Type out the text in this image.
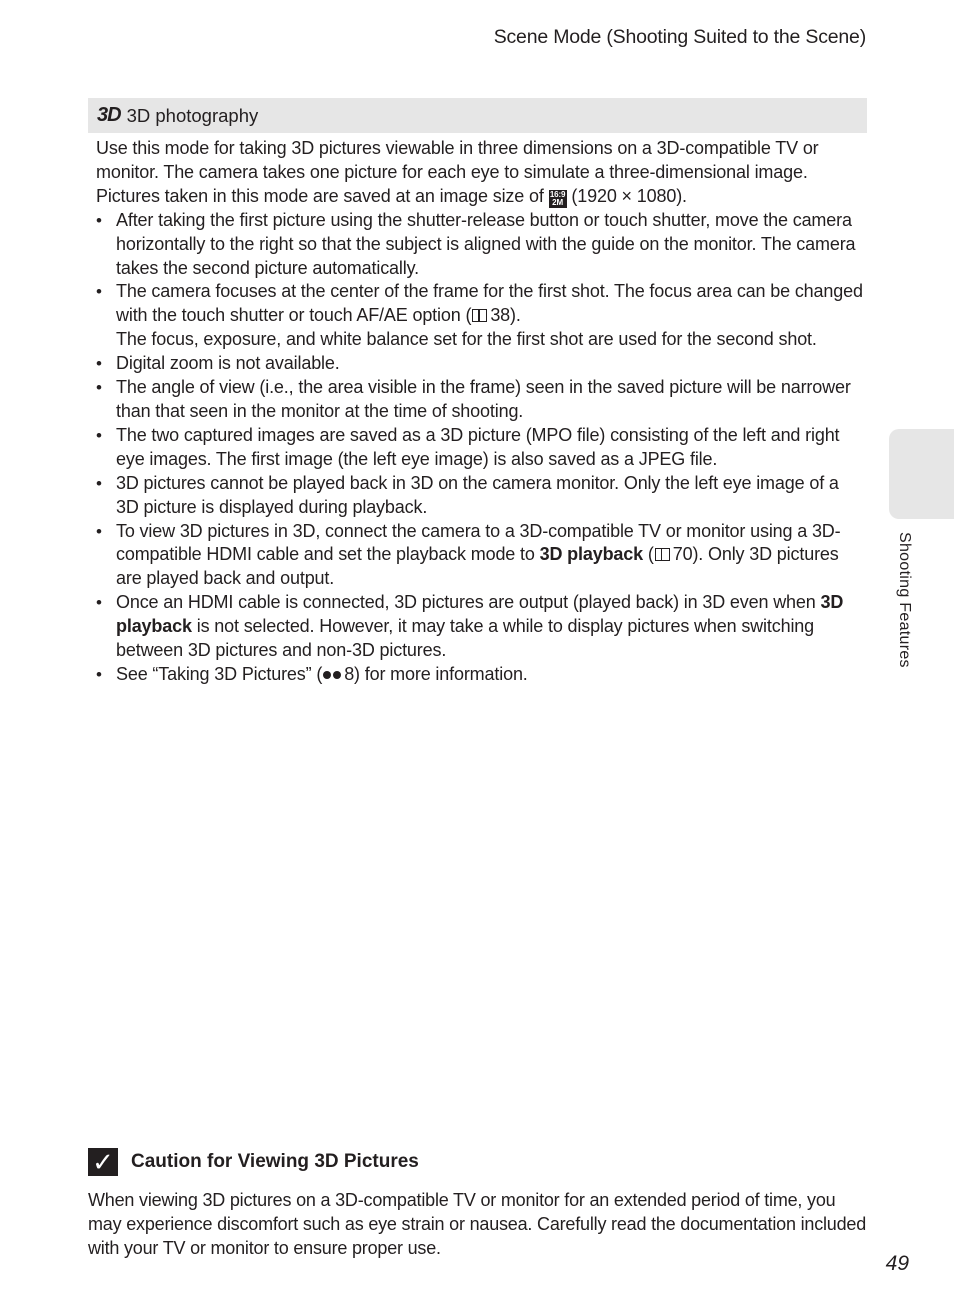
Scene Mode (Shooting Suited to the Scene)
3D 3D photography

Use this mode for taking 3D pictures viewable in three dimensions on a 3D-compatible TV or monitor. The camera takes one picture for each eye to simulate a three-dimensional image.

Pictures taken in this mode are saved at an image size of 16:9
2M (1920 × 1080).

• After taking the first picture using the shutter-release button or touch shutter, move the camera horizontally to the right so that the subject is aligned with the guide on the monitor. The camera takes the second picture automatically.
• The camera focuses at the center of the frame for the first shot. The focus area can be changed with the touch shutter or touch AF/AE option ( 38).
The focus, exposure, and white balance set for the first shot are used for the second shot.
• Digital zoom is not available.
• The angle of view (i.e., the area visible in the frame) seen in the saved picture will be narrower than that seen in the monitor at the time of shooting.
• The two captured images are saved as a 3D picture (MPO file) consisting of the left and right eye images. The first image (the left eye image) is also saved as a JPEG file.
• 3D pictures cannot be played back in 3D on the camera monitor. Only the left eye image of a 3D picture is displayed during playback.
• To view 3D pictures in 3D, connect the camera to a 3D-compatible TV or monitor using a 3D-compatible HDMI cable and set the playback mode to 3D playback ( 70). Only 3D pictures are played back and output.
• Once an HDMI cable is connected, 3D pictures are output (played back) in 3D even when 3D playback is not selected. However, it may take a while to display pictures when switching between 3D pictures and non-3D pictures.
• See “Taking 3D Pictures” ( 8) for more information.
✓ Caution for Viewing 3D Pictures
When viewing 3D pictures on a 3D-compatible TV or monitor for an extended period of time, you may experience discomfort such as eye strain or nausea. Carefully read the documentation included with your TV or monitor to ensure proper use.
Shooting Features
49
